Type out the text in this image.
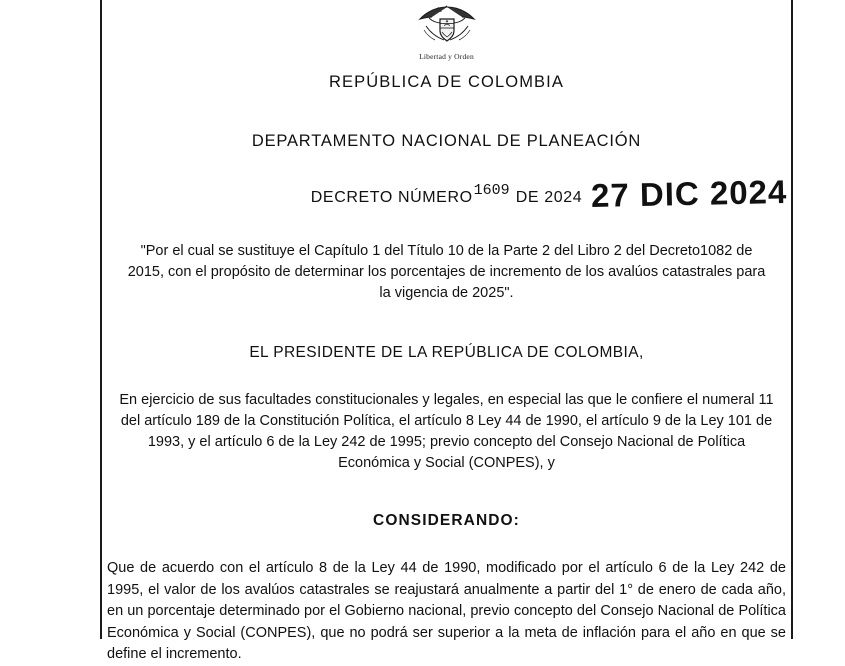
Libertad y Orden
REPÚBLICA DE COLOMBIA
DEPARTAMENTO NACIONAL DE PLANEACIÓN
DECRETO NÚMERO1609 DE 2024 27 DIC 2024
"Por el cual se sustituye el Capítulo 1 del Título 10 de la Parte 2 del Libro 2 del Decreto1082 de 2015, con el propósito de determinar los porcentajes de incremento de los avalúos catastrales para la vigencia de 2025".
EL PRESIDENTE DE LA REPÚBLICA DE COLOMBIA,
En ejercicio de sus facultades constitucionales y legales, en especial las que le confiere el numeral 11 del artículo 189 de la Constitución Política, el artículo 8 Ley 44 de 1990, el artículo 9 de la Ley 101 de 1993, y el artículo 6 de la Ley 242 de 1995; previo concepto del Consejo Nacional de Política Económica y Social (CONPES), y
CONSIDERANDO:
Que de acuerdo con el artículo 8 de la Ley 44 de 1990, modificado por el artículo 6 de la Ley 242 de 1995, el valor de los avalúos catastrales se reajustará anualmente a partir del 1° de enero de cada año, en un porcentaje determinado por el Gobierno nacional, previo concepto del Consejo Nacional de Política Económica y Social (CONPES), que no podrá ser superior a la meta de inflación para el año en que se define el incremento.
